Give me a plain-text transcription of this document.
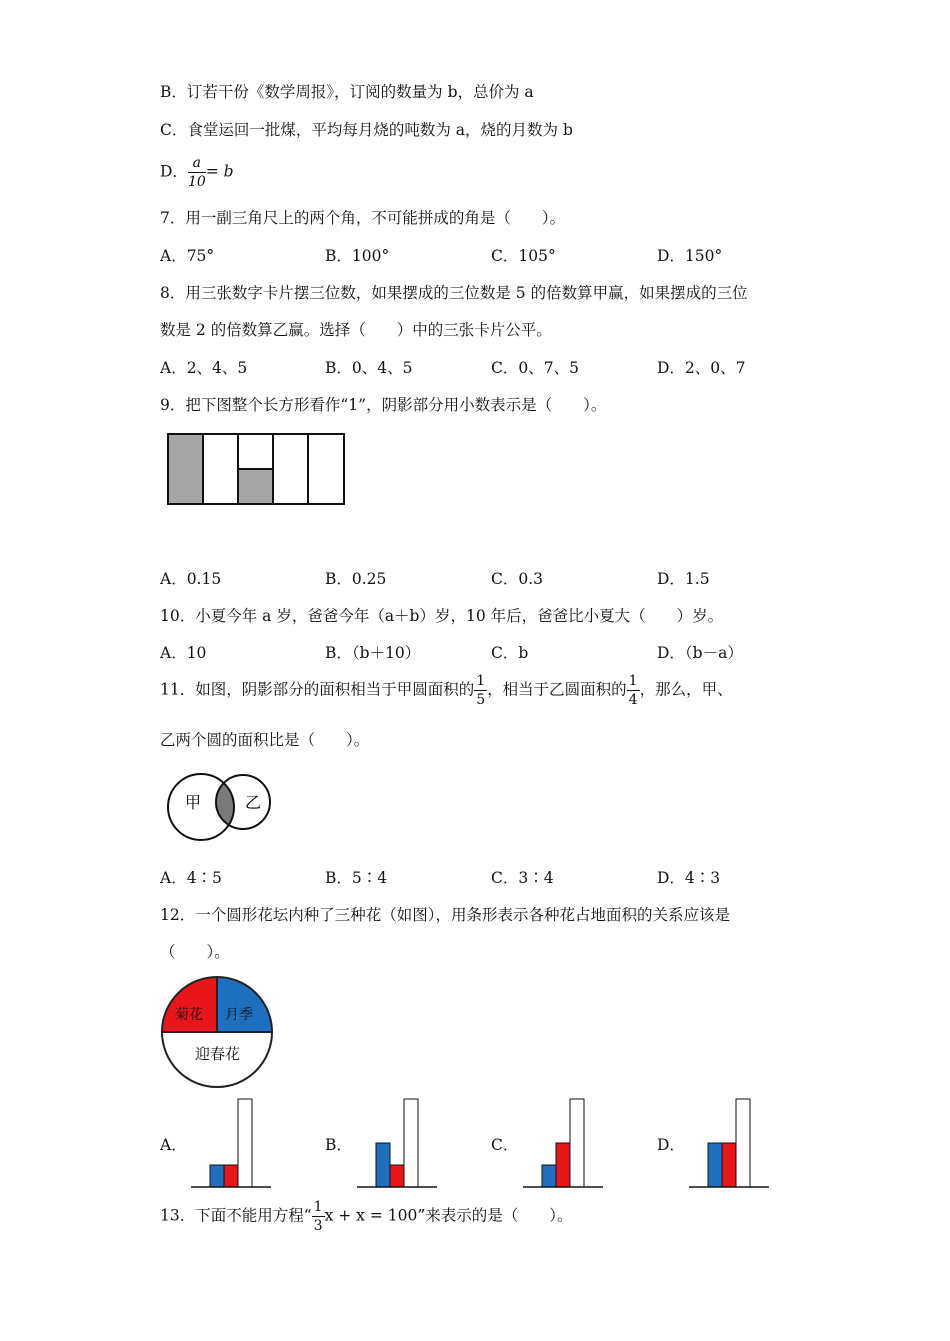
B．订若干份《数学周报》，订阅的数量为 b，总价为 a
C．食堂运回一批煤，平均每月烧的吨数为 a，烧的月数为 b
D． $\frac{a}{10} = b$
7．用一副三角尺上的两个角，不可能拼成的角是（　　）。
A．75°	B．100°	C．105°	D．150°
8．用三张数字卡片摆三位数，如果摆成的三位数是 5 的倍数算甲赢，如果摆成的三位
数是 2 的倍数算乙赢。选择（　　）中的三张卡片公平。
A．2、4、5	B．0、4、5	C．0、7、5	D．2、0、7
9．把下图整个长方形看作“1”，阴影部分用小数表示是（　　）。
A．0.15	B．0.25	C．0.3	D．1.5
10．小夏今年 a 岁，爸爸今年（a＋b）岁，10 年后，爸爸比小夏大（　　）岁。
A．10	B．（b＋10）	C．b	D．（b－a）
11．如图，阴影部分的面积相当于甲圆面积的 $\frac{1}{5}$ ，相当于乙圆面积的 $\frac{1}{4}$ ，那么，甲、
乙两个圆的面积比是（　　）。
甲	乙
A．4∶5	B．5∶4	C．3∶4	D．4∶3
12．一个圆形花坛内种了三种花（如图），用条形表示各种花占地面积的关系应该是
（　　）。
菊花 月季
迎春花
A．	B．	C．	D．
13．下面不能用方程“ $\frac{1}{3}$ x + x = 100”来表示的是（　　）。
